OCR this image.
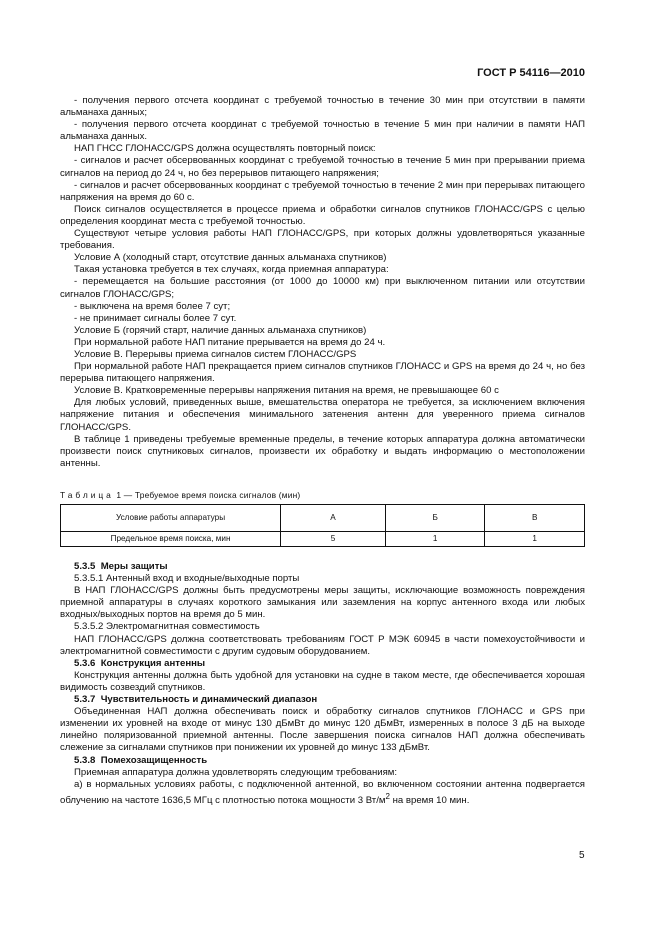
ГОСТ Р 54116—2010

- получения первого отсчета координат с требуемой точностью в течение 30 мин при отсутствии в памяти альманаха данных;

- получения первого отсчета координат с требуемой точностью в течение 5 мин при наличии в памяти НАП альманаха данных.

НАП ГНСС ГЛОНАСС/GPS должна осуществлять повторный поиск:

- сигналов и расчет обсервованных координат с требуемой точностью в течение 5 мин при прерывании приема сигналов на период до 24 ч, но без перерывов питающего напряжения;

- сигналов и расчет обсервованных координат с требуемой точностью в течение 2 мин при перерывах питающего напряжения на время до 60 с.

Поиск сигналов осуществляется в процессе приема и обработки сигналов спутников ГЛОНАСС/GPS с целью определения координат места с требуемой точностью.

Существуют четыре условия работы НАП ГЛОНАСС/GPS, при которых должны удовлетворяться указанные требования.

Условие А (холодный старт, отсутствие данных альманаха спутников)

Такая установка требуется в тех случаях, когда приемная аппаратура:

- перемещается на большие расстояния (от 1000 до 10000 км) при выключенном питании или отсутствии сигналов ГЛОНАСС/GPS;

- выключена на время более 7 сут;

- не принимает сигналы более 7 сут.

Условие Б (горячий старт, наличие данных альманаха спутников)

При нормальной работе НАП питание прерывается на время до 24 ч.

Условие В. Перерывы приема сигналов систем ГЛОНАСС/GPS

При нормальной работе НАП прекращается прием сигналов спутников ГЛОНАСС и GPS на время до 24 ч, но без перерыва питающего напряжения.

Условие В. Кратковременные перерывы напряжения питания на время, не превышающее 60 с

Для любых условий, приведенных выше, вмешательства оператора не требуется, за исключением включения напряжение питания и обеспечения минимального затенения антенн для уверенного приема сигналов ГЛОНАСС/GPS.

В таблице 1 приведены требуемые временные пределы, в течение которых аппаратура должна автоматически произвести поиск спутниковых сигналов, произвести их обработку и выдать информацию о местоположении антенны.

Таблица 1 — Требуемое время поиска сигналов (мин)
Условие работы аппаратуры	А	Б	В
Предельное время поиска, мин	5	1	1

5.3.5 Меры защиты

5.3.5.1 Антенный вход и входные/выходные порты

В НАП ГЛОНАСС/GPS должны быть предусмотрены меры защиты, исключающие возможность повреждения приемной аппаратуры в случаях короткого замыкания или заземления на корпус антенного входа или любых входных/выходных портов на время до 5 мин.

5.3.5.2 Электромагнитная совместимость

НАП ГЛОНАСС/GPS должна соответствовать требованиям ГОСТ Р МЭК 60945 в части помехоустойчивости и электромагнитной совместимости с другим судовым оборудованием.

5.3.6 Конструкция антенны

Конструкция антенны должна быть удобной для установки на судне в таком месте, где обеспечивается хорошая видимость созвездий спутников.

5.3.7 Чувствительность и динамический диапазон

Объединенная НАП должна обеспечивать поиск и обработку сигналов спутников ГЛОНАСС и GPS при изменении их уровней на входе от минус 130 дБмВт до минус 120 дБмВт, измеренных в полосе 3 дБ на выходе линейно поляризованной приемной антенны. После завершения поиска сигналов НАП должна обеспечивать слежение за сигналами спутников при понижении их уровней до минус 133 дБмВт.

5.3.8 Помехозащищенность

Приемная аппаратура должна удовлетворять следующим требованиям:

а) в нормальных условиях работы, с подключенной антенной, во включенном состоянии антенна подвергается облучению на частоте 1636,5 МГц с плотностью потока мощности 3 $Вт/м^2$ на время 10 мин.

5
